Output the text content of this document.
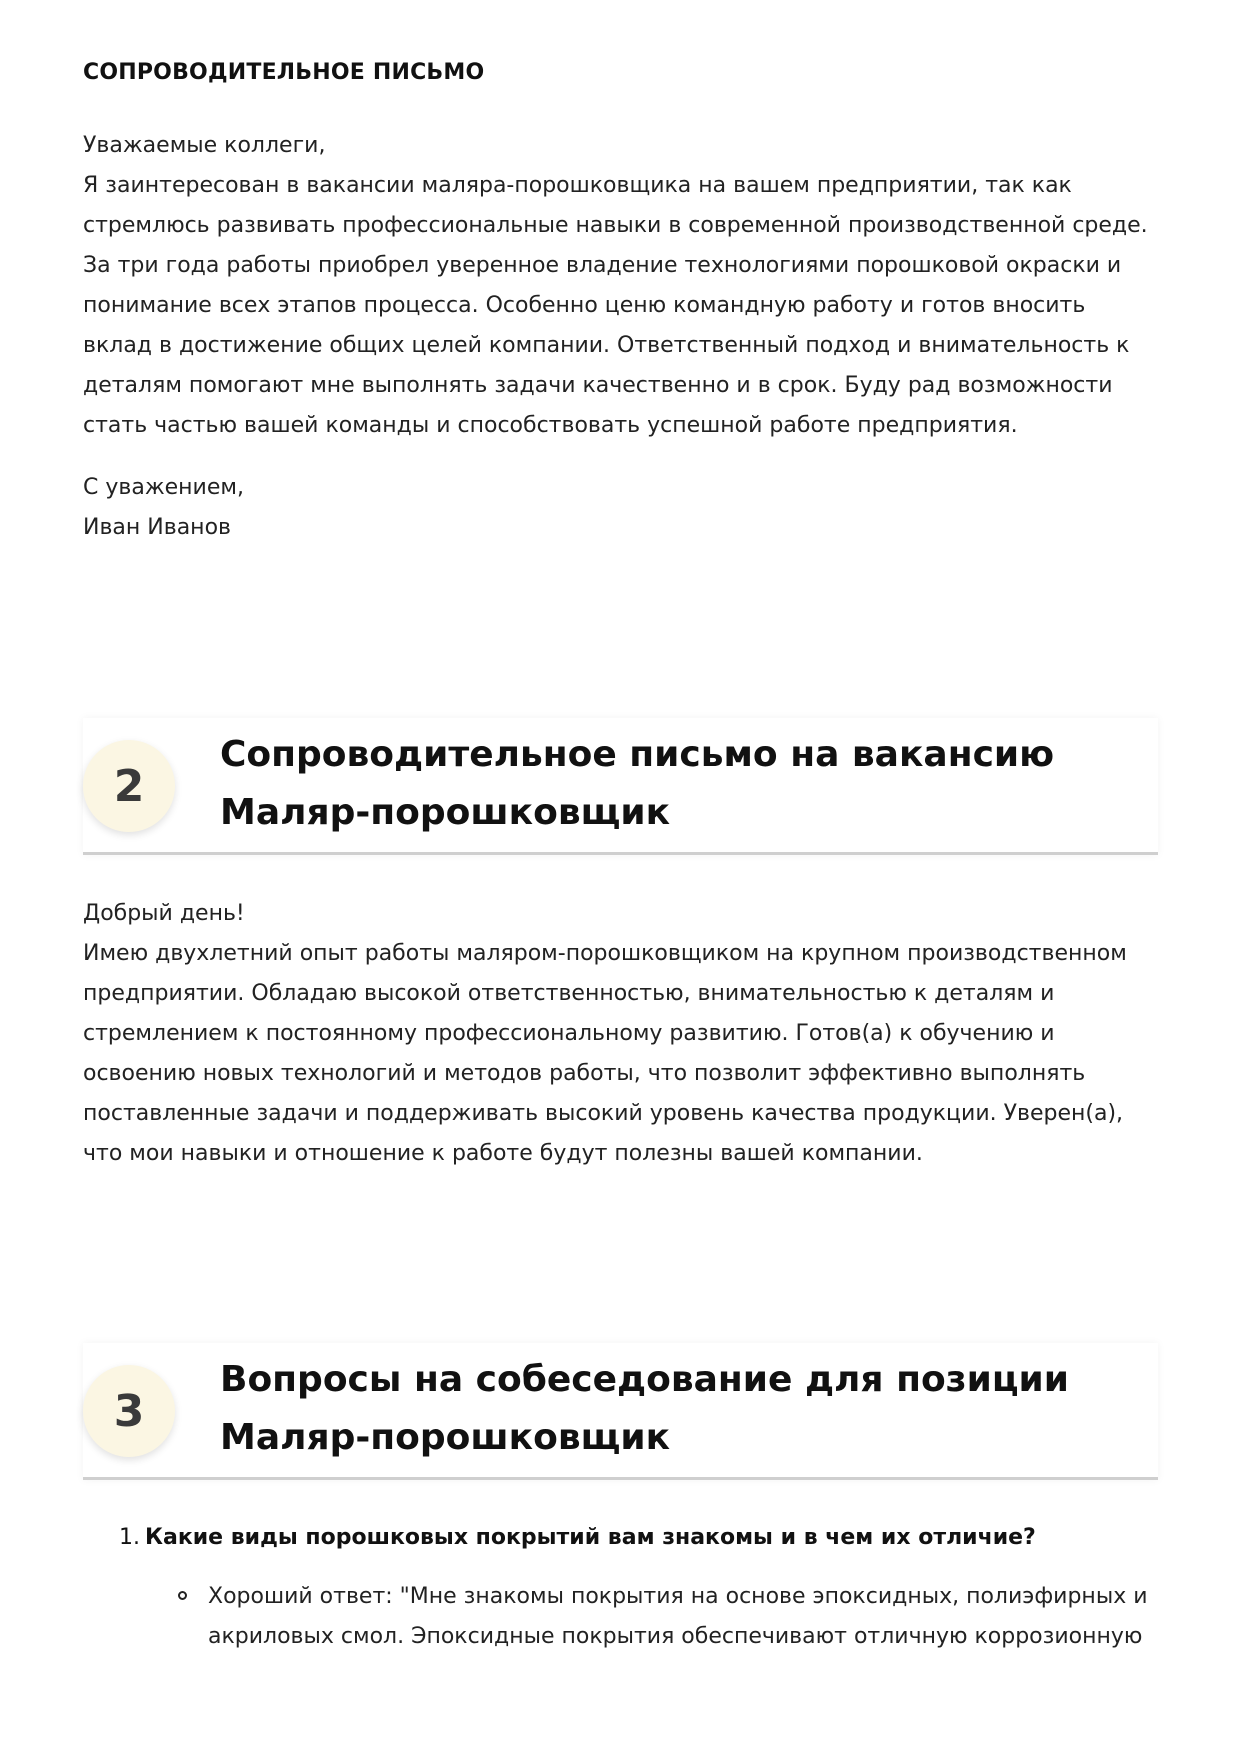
СОПРОВОДИТЕЛЬНОЕ ПИСЬМО

Уважаемые коллеги,

Я заинтересован в вакансии маляра-порошковщика на вашем предприятии, так как стремлюсь развивать профессиональные навыки в современной производственной среде. За три года работы приобрел уверенное владение технологиями порошковой окраски и понимание всех этапов процесса. Особенно ценю командную работу и готов вносить вклад в достижение общих целей компании. Ответственный подход и внимательность к деталям помогают мне выполнять задачи качественно и в срок. Буду рад возможности стать частью вашей команды и способствовать успешной работе предприятия.

С уважением,

Иван Иванов

2
Сопроводительное письмо на вакансию Маляр-порошковщик

Добрый день!

Имею двухлетний опыт работы маляром-порошковщиком на крупном производственном предприятии. Обладаю высокой ответственностью, внимательностью к деталям и стремлением к постоянному профессиональному развитию. Готов(а) к обучению и освоению новых технологий и методов работы, что позволит эффективно выполнять поставленные задачи и поддерживать высокий уровень качества продукции. Уверен(а), что мои навыки и отношение к работе будут полезны вашей компании.

3
Вопросы на собеседование для позиции Маляр-порошковщик
1. Какие виды порошковых покрытий вам знакомы и в чем их отличие?
Хороший ответ: "Мне знакомы покрытия на основе эпоксидных, полиэфирных и акриловых смол. Эпоксидные покрытия обеспечивают отличную коррозионную
